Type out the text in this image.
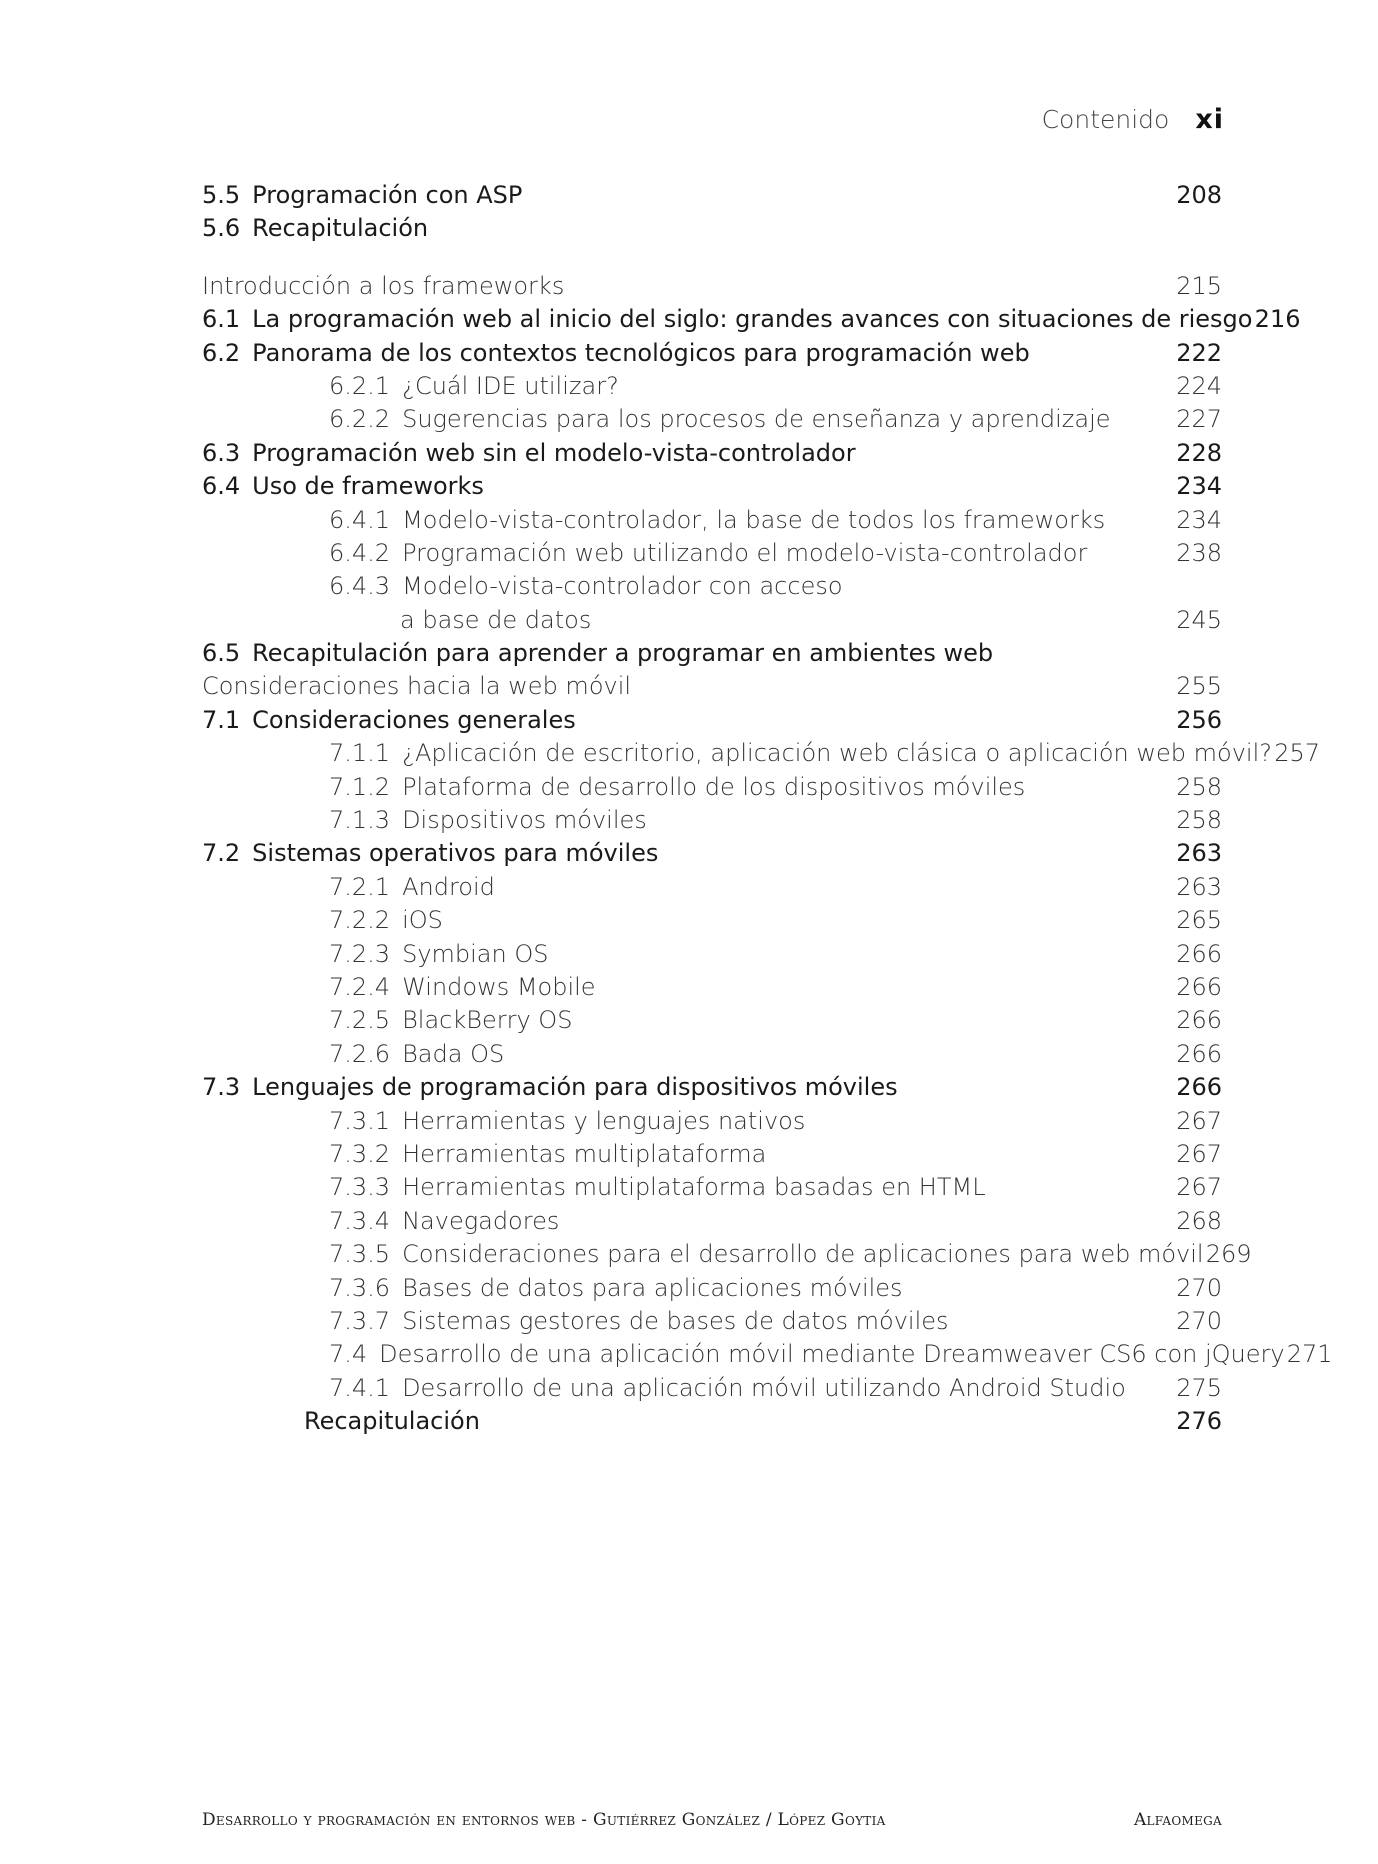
Contenido xi
5.5 Programación con ASP	208
5.6 Recapitulación
Introducción a los frameworks	215
6.1 La programación web al inicio del siglo: grandes avances con situaciones de riesgo 216
6.2 Panorama de los contextos tecnológicos para programación web	222
6.2.1 ¿Cuál IDE utilizar?	224
6.2.2 Sugerencias para los procesos de enseñanza y aprendizaje	227
6.3 Programación web sin el modelo-vista-controlador	228
6.4 Uso de frameworks	234
6.4.1 Modelo-vista-controlador, la base de todos los frameworks	234
6.4.2 Programación web utilizando el modelo-vista-controlador	238
6.4.3 Modelo-vista-controlador con acceso
a base de datos	245
6.5 Recapitulación para aprender a programar en ambientes web
Consideraciones hacia la web móvil	255
7.1 Consideraciones generales	256
7.1.1 ¿Aplicación de escritorio, aplicación web clásica o aplicación web móvil? 257
7.1.2 Plataforma de desarrollo de los dispositivos móviles	258
7.1.3 Dispositivos móviles	258
7.2 Sistemas operativos para móviles	263
7.2.1 Android	263
7.2.2 iOS	265
7.2.3 Symbian OS	266
7.2.4 Windows Mobile	266
7.2.5 BlackBerry OS	266
7.2.6 Bada OS	266
7.3 Lenguajes de programación para dispositivos móviles	266
7.3.1 Herramientas y lenguajes nativos	267
7.3.2 Herramientas multiplataforma	267
7.3.3 Herramientas multiplataforma basadas en HTML	267
7.3.4 Navegadores	268
7.3.5 Consideraciones para el desarrollo de aplicaciones para web móvil 269
7.3.6 Bases de datos para aplicaciones móviles	270
7.3.7 Sistemas gestores de bases de datos móviles	270
7.4 Desarrollo de una aplicación móvil mediante Dreamweaver CS6 con jQuery 271
7.4.1 Desarrollo de una aplicación móvil utilizando Android Studio 275
Recapitulación	276
Desarrollo y programación en entornos web - Gutiérrez González / López Goytia	Alfaomega
